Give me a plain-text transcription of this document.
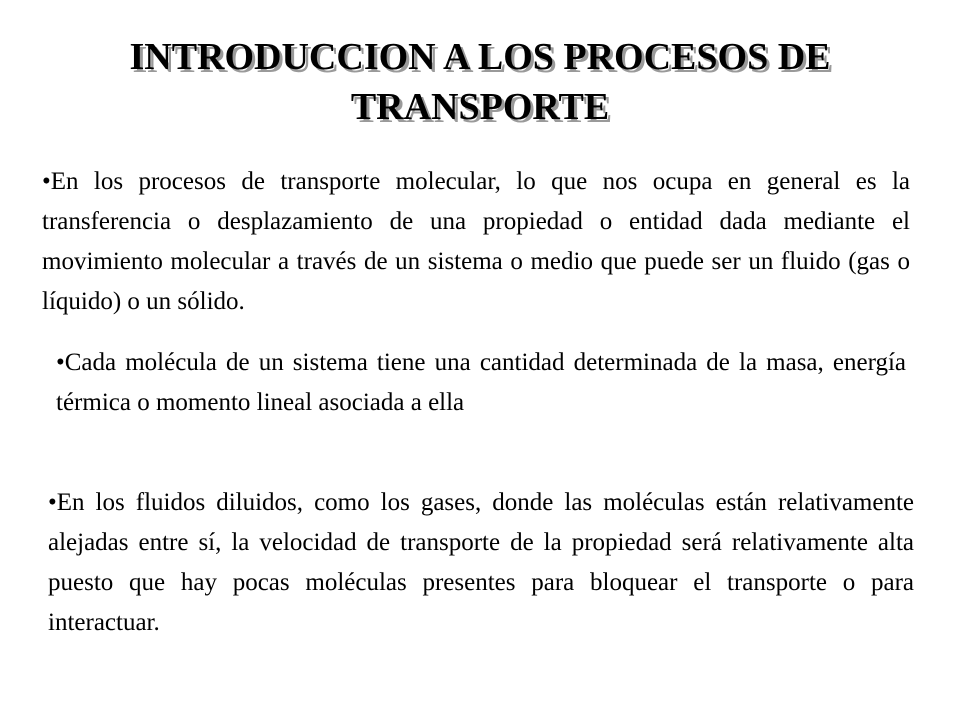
INTRODUCCION A LOS PROCESOS DE TRANSPORTE

•En los procesos de transporte molecular, lo que nos ocupa en general es la transferencia o desplazamiento de una propiedad o entidad dada mediante el movimiento molecular a través de un sistema o medio que puede ser un fluido (gas o líquido) o un sólido.

•Cada molécula de un sistema tiene una cantidad determinada de la masa, energía térmica o momento lineal asociada a ella

•En los fluidos diluidos, como los gases, donde las moléculas están relativamente alejadas entre sí, la velocidad de transporte de la propiedad será relativamente alta puesto que hay pocas moléculas presentes para bloquear el transporte o para interactuar.
